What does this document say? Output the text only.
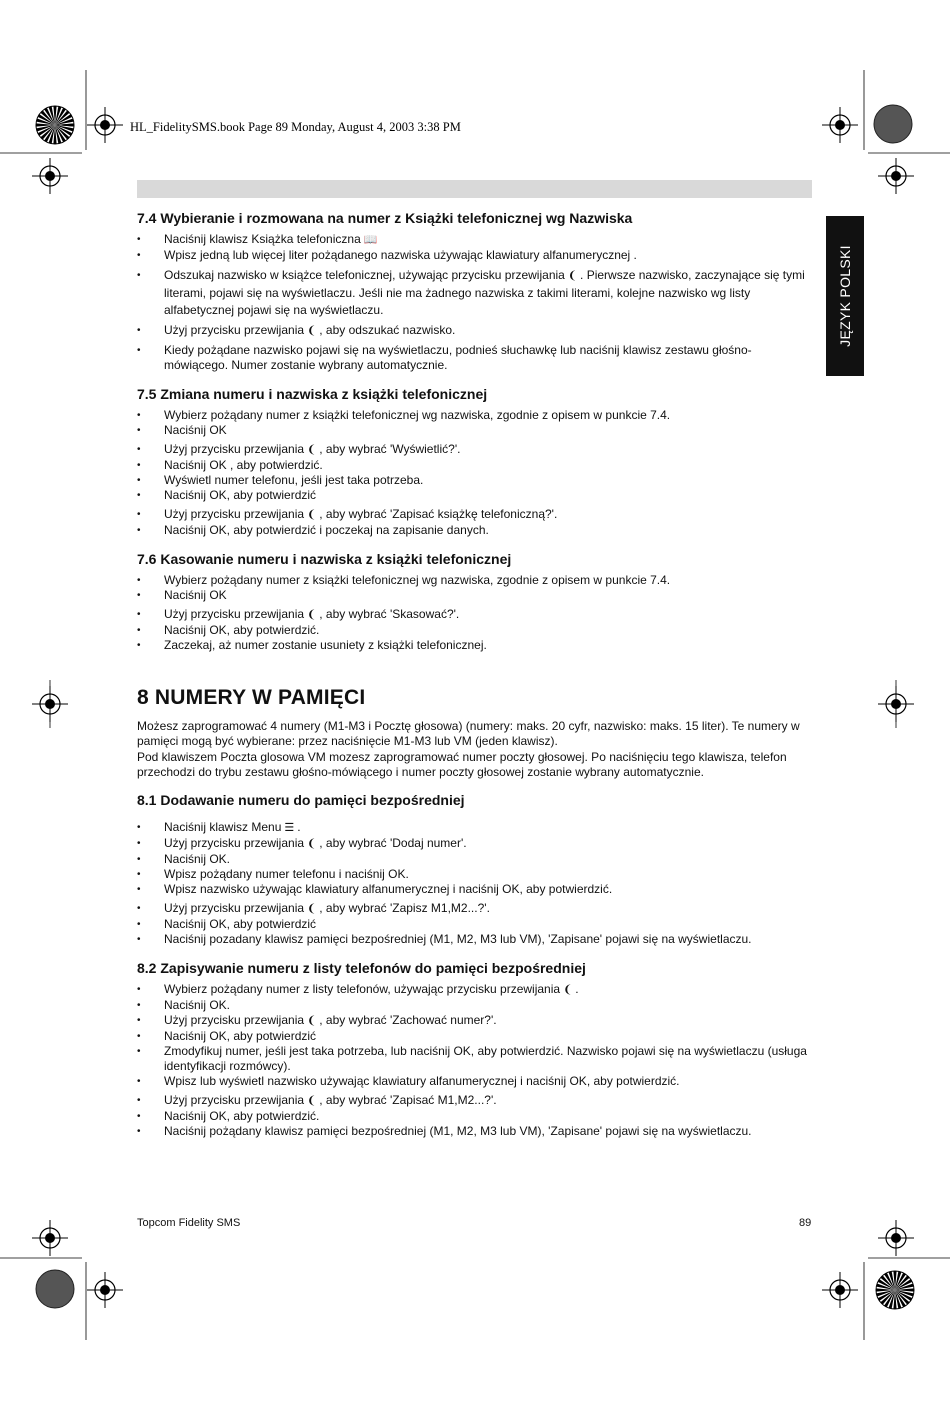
HL_FidelitySMS.book Page 89 Monday, August 4, 2003 3:38 PM
JĘZYK POLSKI
7.4 Wybieranie i rozmowana na numer z Książki telefonicznej wg Nazwiska
• Naciśnij klawisz Książka telefoniczna 📖
• Wpisz jedną lub więcej liter pożądanego nazwiska używając klawiatury alfanumerycznej .
• Odszukaj nazwisko w książce telefonicznej, używając przycisku przewijania ❨ . Pierwsze nazwisko, zaczynające się tymi literami, pojawi się na wyświetlaczu. Jeśli nie ma żadnego nazwiska z takimi literami, kolejne nazwisko wg listy alfabetycznej pojawi się na wyświetlaczu.
• Użyj przycisku przewijania ❨ , aby odszukać nazwisko.
• Kiedy pożądane nazwisko pojawi się na wyświetlaczu, podnieś słuchawkę lub naciśnij klawisz zestawu głośno-mówiącego. Numer zostanie wybrany automatycznie.
7.5 Zmiana numeru i nazwiska z książki telefonicznej
• Wybierz pożądany numer z książki telefonicznej wg nazwiska, zgodnie z opisem w punkcie 7.4.
• Naciśnij OK
• Użyj przycisku przewijania ❨ , aby wybrać 'Wyświetlić?'.
• Naciśnij OK , aby potwierdzić.
• Wyświetl numer telefonu, jeśli jest taka potrzeba.
• Naciśnij OK, aby potwierdzić
• Użyj przycisku przewijania ❨ , aby wybrać 'Zapisać książkę telefoniczną?'.
• Naciśnij OK, aby potwierdzić i poczekaj na zapisanie danych.
7.6 Kasowanie numeru i nazwiska z książki telefonicznej
• Wybierz pożądany numer z książki telefonicznej wg nazwiska, zgodnie z opisem w punkcie 7.4.
• Naciśnij OK
• Użyj przycisku przewijania ❨ , aby wybrać 'Skasować?'.
• Naciśnij OK, aby potwierdzić.
• Zaczekaj, aż numer zostanie usuniety z książki telefonicznej.
8 NUMERY W PAMIĘCI

Możesz zaprogramować 4 numery (M1-M3 i Pocztę głosowa) (numery: maks. 20 cyfr, nazwisko: maks. 15 liter). Te numery w pamięci mogą być wybierane: przez naciśnięcie M1-M3 lub VM (jeden klawisz).

Pod klawiszem Poczta glosowa VM mozesz zaprogramować numer poczty głosowej. Po naciśnięciu tego klawisza, telefon przechodzi do trybu zestawu głośno-mówiącego i numer poczty głosowej zostanie wybrany automatycznie.

8.1 Dodawanie numeru do pamięci bezpośredniej
• Naciśnij klawisz Menu ☰ .
• Użyj przycisku przewijania ❨ , aby wybrać 'Dodaj numer'.
• Naciśnij OK.
• Wpisz pożądany numer telefonu i naciśnij OK.
• Wpisz nazwisko używając klawiatury alfanumerycznej i naciśnij OK, aby potwierdzić.
• Użyj przycisku przewijania ❨ , aby wybrać 'Zapisz M1,M2...?'.
• Naciśnij OK, aby potwierdzić
• Naciśnij pozadany klawisz pamięci bezpośredniej (M1, M2, M3 lub VM), 'Zapisane' pojawi się na wyświetlaczu.
8.2 Zapisywanie numeru z listy telefonów do pamięci bezpośredniej
• Wybierz pożądany numer z listy telefonów, używając przycisku przewijania ❨ .
• Naciśnij OK.
• Użyj przycisku przewijania ❨ , aby wybrać 'Zachować numer?'.
• Naciśnij OK, aby potwierdzić
• Zmodyfikuj numer, jeśli jest taka potrzeba, lub naciśnij OK, aby potwierdzić. Nazwisko pojawi się na wyświetlaczu (usługa identyfikacji rozmówcy).
• Wpisz lub wyświetl nazwisko używając klawiatury alfanumerycznej i naciśnij OK, aby potwierdzić.
• Użyj przycisku przewijania ❨ , aby wybrać 'Zapisać M1,M2...?'.
• Naciśnij OK, aby potwierdzić.
• Naciśnij pożądany klawisz pamięci bezpośredniej (M1, M2, M3 lub VM), 'Zapisane' pojawi się na wyświetlaczu.
Topcom Fidelity SMS	89
